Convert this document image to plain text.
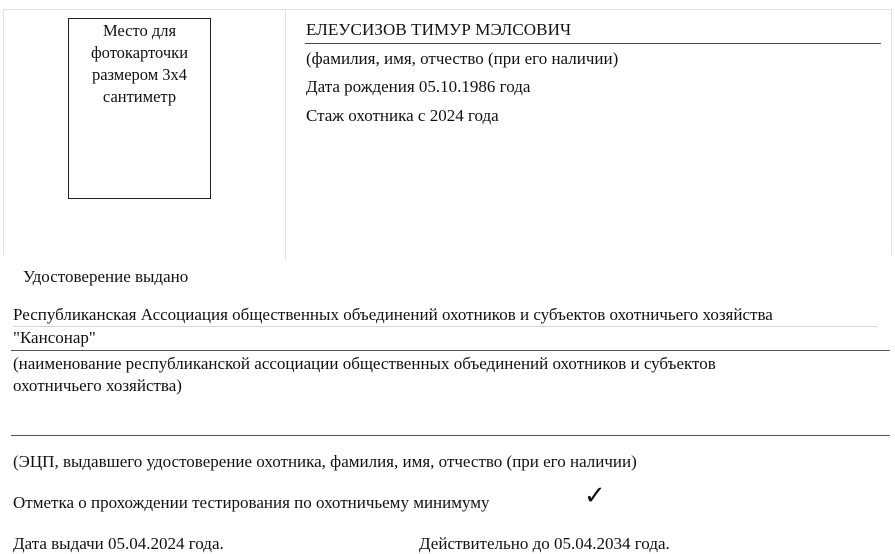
Место для
фотокарточки
размером 3х4
сантиметр
ЕЛЕУСИЗОВ ТИМУР МЭЛСОВИЧ
(фамилия, имя, отчество (при его наличии)
Дата рождения 05.10.1986 года
Стаж охотника с 2024 года
Удостоверение выдано
Республиканская Ассоциация общественных объединений охотников и субъектов охотничьего хозяйства
"Кансонар"
(наименование республиканской ассоциации общественных объединений охотников и субъектов
охотничьего хозяйства)
(ЭЦП, выдавшего удостоверение охотника, фамилия, имя, отчество (при его наличии)
Отметка о прохождении тестирования по охотничьему минимуму	✓
Дата выдачи 05.04.2024 года.	Действительно до 05.04.2034 года.
